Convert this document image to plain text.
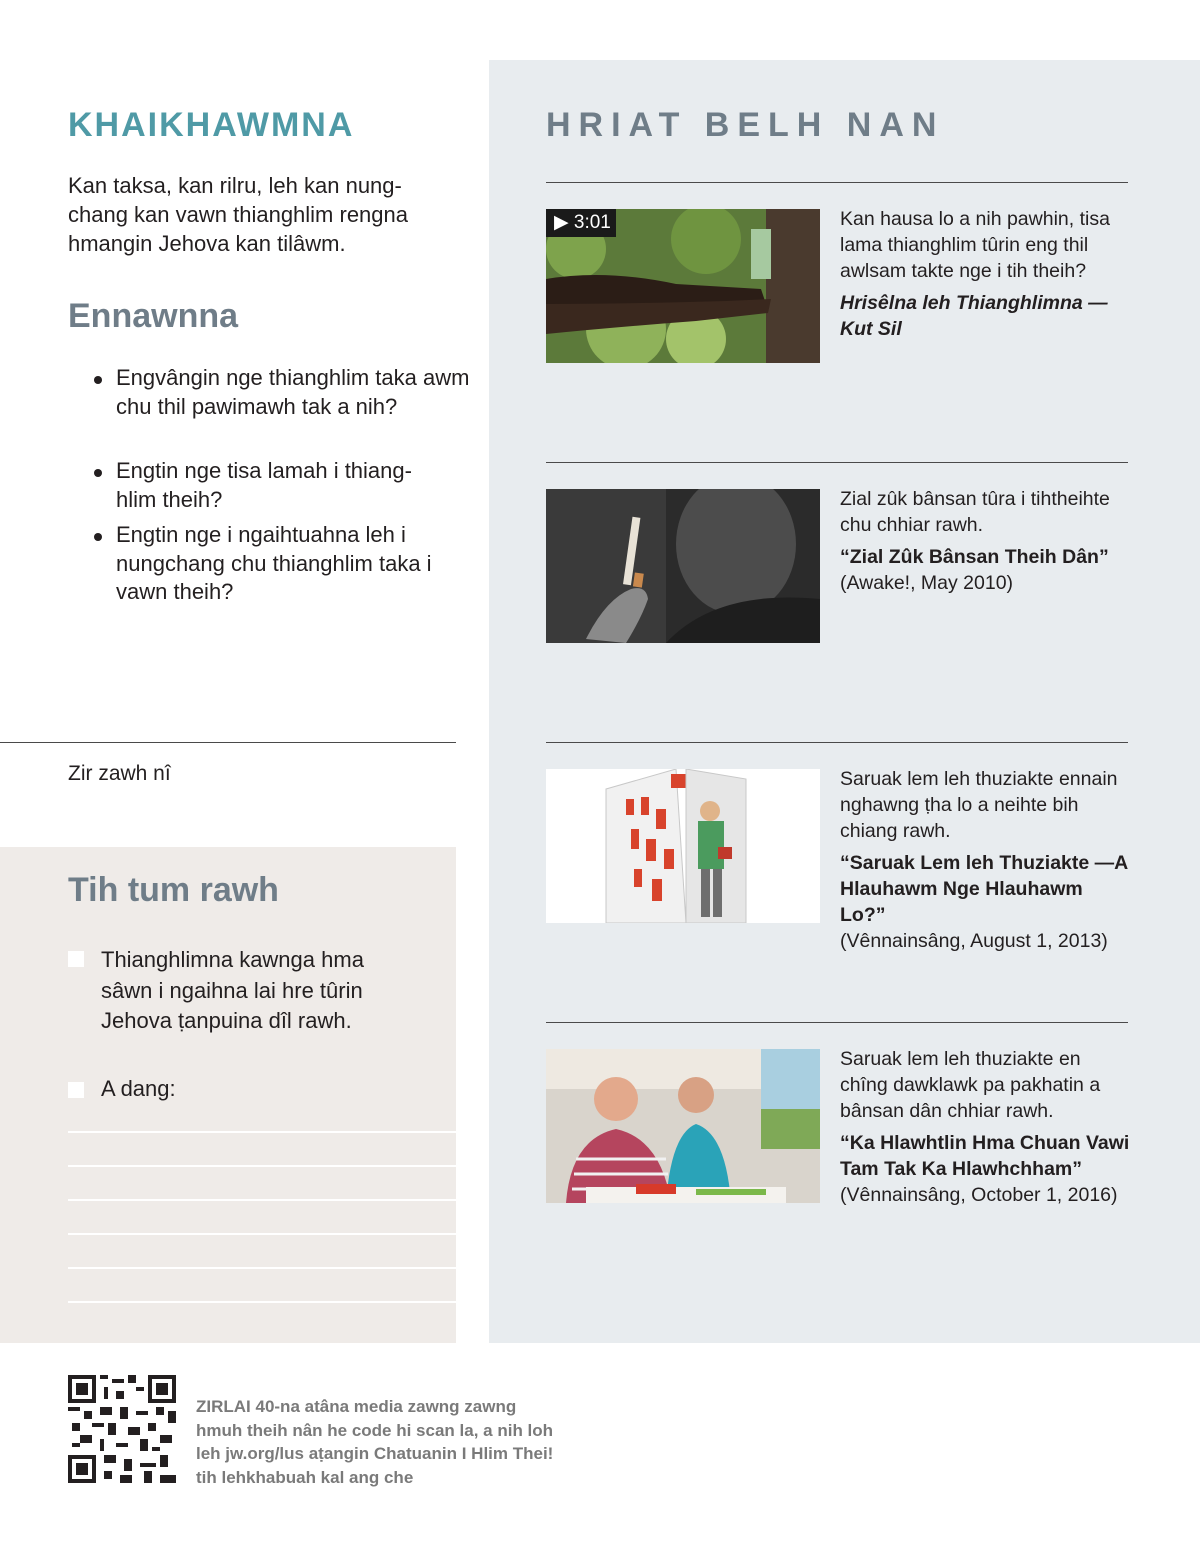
KHAIKHAWMNA
Kan taksa, kan rilru, leh kan nung-chang kan vawn thianghlim rengna hmangin Jehova kan tilâwm.
Ennawnna
Engvângin nge thianghlim taka awm chu thil pawimawh tak a nih?
Engtin nge tisa lamah i thiang-hlim theih?
Engtin nge i ngaihtuahna leh i nungchang chu thianghlim taka i vawn theih?
Zir zawh nî
Tih tum rawh
Thianghlimna kawnga hma sâwn i ngaihna lai hre tûrin Jehova ṭanpuina dîl rawh.
A dang:
HRIAT BELH NAN
▶ 3:01	Kan hausa lo a nih pawhin, tisa lama thianghlim tûrin eng thil awlsam takte nge i tih theih?
Hrisêlna leh Thianghlimna —Kut Sil
Zial zûk bânsan tûra i tihtheihte chu chhiar rawh.
“Zial Zûk Bânsan Theih Dân”
(Awake!, May 2010)
Saruak lem leh thuziakte ennain nghawng ṭha lo a neihte bih chiang rawh.
“Saruak Lem leh Thuziakte —A Hlauhawm Nge Hlauhawm Lo?”
(Vênnainsâng, August 1, 2013)
Saruak lem leh thuziakte en chîng dawklawk pa pakhatin a bânsan dân chhiar rawh.
“Ka Hlawhtlin Hma Chuan Vawi Tam Tak Ka Hlawhchham”
(Vênnainsâng, October 1, 2016)
ZIRLAI 40-na atâna media zawng zawng hmuh theih nân he code hi scan la, a nih loh leh jw.org/lus aṭangin Chatuanin I Hlim Thei! tih lehkhabuah kal ang che
